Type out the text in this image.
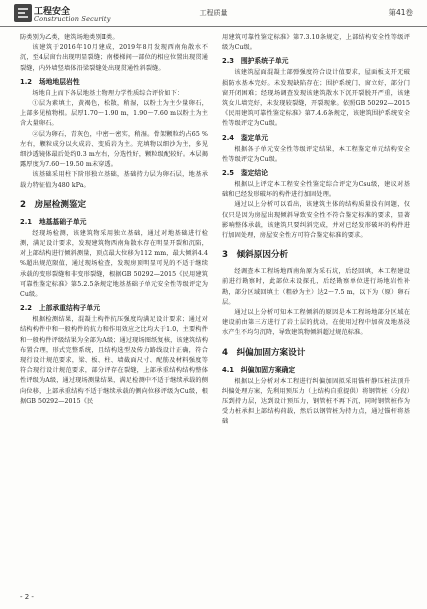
工程安全
Construction Security
工程质量	第41卷

防类别为乙类，建筑场地类别Ⅱ类。

该建筑于2016年10月建成，2019年8月发现西南角散水不沉，至4层窗台出现明显裂缝；南楼梯间一部位的相应位置出现贯通裂缝，内外墙竖墙体沿梁裂缝处出现贯通性斜裂缝。

1.2　场地地层岩性

场地自上而下各层地基土物理力学性质综合评价如下：

①层为素填土，黄褐色，松散，稍湿，以粉土为主少量卵石，上部多见植物根。层厚1.70～1.90 m，1.90～7.60 m以粉土为主含大量卵石。

②层为卵石，青灰色，中密～密实，稍湿。骨架颗粒约占65 %左右，颗粒成分以火成岩、变质岩为主。充填物以细沙为主，多见细沙透镜体最后处约0.3 m左右，分选性好，颗粒级配较好。本层揭露厚度为7.60～19.50 m未穿透。

该基础采用柱下阶形独立基础，基础持力层为卵石层，地基承载力特征值为480 kPa。

2　房屋检测鉴定
2.1　地基基础子单元

经现场检测，该建筑物采用独立基础，通过对地基础进行检测，满足设计要求，发现建筑物西南角散水存在明显开裂和沉陷，对上部结构进行倾斜测量，顶点最大位移为112 mm，最大倾斜4.4 %超出规范限值，通过现场检查，发现房顶明显可见的不适于继续承载的变形裂缝和非变形裂缝，根据GB 50292—2015《民用建筑可靠性鉴定标准》第5.2.5条规定地基基础子单元安全性等级评定为Cu级。

2.2　上部承重结构子单元

根据检测结果，混凝土构件抗压强度均满足设计要求；通过对结构构件中和一般构件的抗力和作用效应之比均大于1.0，主要构件和一般构件评级结果为全部为A级；通过现场图纸复核，该建筑结构布置合理，形式完整系统，且结构选型及传力路线设计正确，符合现行设计规范要求，梁、板、柱、墙截面尺寸、配筋及材料强度等符合现行设计规范要求，部分评存在裂缝，上部承重结构结构整体性评级为A级，通过现场测量结果，满足检测中不适于继续承载的侧向位移，上部承重结构不适于继续承载的侧向位移评级为Cu级，根据GB 50292—2015《民

用建筑可靠性鉴定标准》第7.3.10条规定，上部结构安全性等级评级为Cu级。

2.3　围护系统子单元

该建筑屋面混凝土部弹强度符合设计值要求，屋面板支开无破损防水基本完好。未发现缺陷存在；围护系统门、窗立好，部分门窗开闭困难；经现场调查发现该建筑散水下沉开裂脱开严重，该建筑女儿墙完好，未发现较裂缝，开裂现象。依照GB 50292—2015《民用建筑可靠性鉴定标准》第7.4.6条规定，该建筑围护系统安全性等级评定为Cu级。

2.4　鉴定单元

根据各子单元安全性等级评定结果，本工程鉴定单元结构安全性等级评定为Cu级。

2.5　鉴定结论

根据以上评定本工程安全性鉴定综合评定为Csu级，建议对基础和已经发形破坏的构件进行加固处理。

通过以上分析可以看出，该建筑主体的结构质量没有问题，仅仅只是因为房屋出现倾斜导致安全性不符合鉴定标准的要求，显著影响整体承载，该建筑只要纠斜完成，并对已经发形破坏的构件进行加固处理，房屋安全性方可符合鉴定标准的要求。

3　倾斜原因分析

经调查本工程场地西南角原为采石坑，后经回填，本工程建设前进行勘察时，此部位未设探孔，后经勘察单位进行场地岩性补勘，部分区域回填土（粗砂为主）达2～7.5 m，以下为（原）卵石层。

通过以上分析可知本工程倾斜的原因是本工程场地部分区域在建设前由第三方进行了岩土层的扰动，在使用过程中加荷及地基浸水产生不均匀沉降，导致建筑物倾斜超过规范标准。

4　纠偏加固方案设计
4.1　纠偏加固方案确定

根据以上分析对本工程进行纠偏加固拟采用锚杆静压桩法顶升纠偏处理方案，先利用预压力（上结构自重提供）将钢管桩（分段）压到持力层，达到设计预压力，钢管桩不再下沉，同时钢管桩作为受力桩承担上部结构荷载，然后以钢管桩为持力点，通过锚杆将基础

- 2 -
